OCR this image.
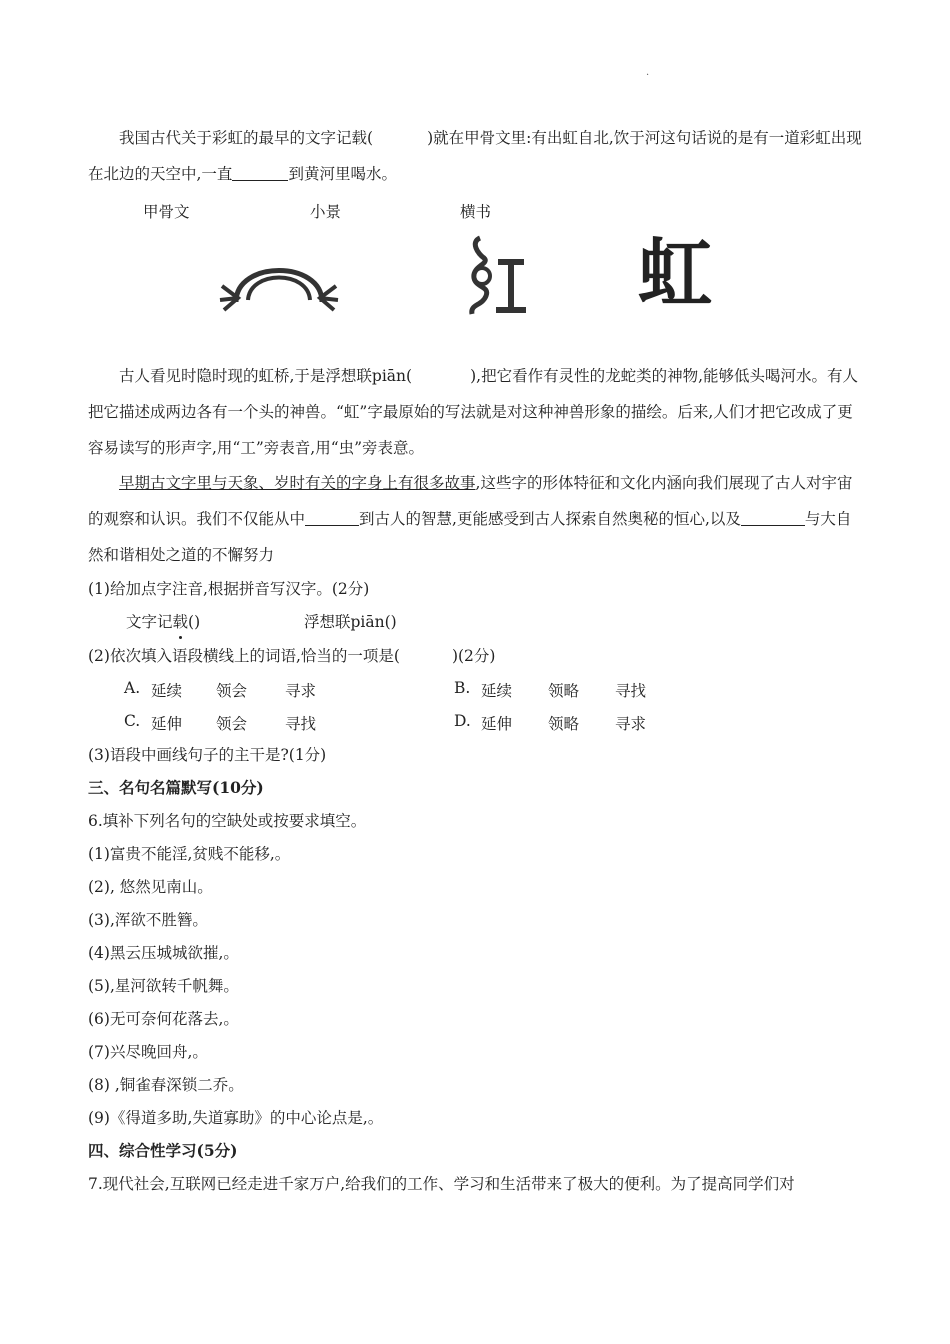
·
我国古代关于彩虹的最早的文字记载(	)就在甲骨文里:有出虹自北,饮于河这句话说的是有一道彩虹出现在北边的天空中,一直	到黄河里喝水。
甲骨文	小景	横书
虹
古人看见时隐时现的虹桥,于是浮想联piān(	),把它看作有灵性的龙蛇类的神物,能够低头喝河水。有人把它描述成两边各有一个头的神兽。“虹”字最原始的写法就是对这种神兽形象的描绘。后来,人们才把它改成了更容易读写的形声字,用“工”旁表音,用“虫”旁表意。
早期古文字里与天象、岁时有关的字身上有很多故事,这些字的形体特征和文化内涵向我们展现了古人对宇宙的观察和认识。我们不仅能从中	到古人的智慧,更能感受到古人探索自然奥秘的恒心,以及	与大自然和谐相处之道的不懈努力
(1)给加点字注音,根据拼音写汉字。(2分)
文字记载()	浮想联piān()
(2)依次填入语段横线上的词语,恰当的一项是(	)(2分)
A. 延续 领会 寻求	B. 延续 领略 寻找
C. 延伸 领会 寻找	D. 延伸 领略 寻求
(3)语段中画线句子的主干是?(1分)
三、名句名篇默写(10分)
6.填补下列名句的空缺处或按要求填空。
(1)富贵不能淫,贫贱不能移,。
(2), 悠然见南山。
(3),浑欲不胜簪。
(4)黑云压城城欲摧,。
(5),星河欲转千帆舞。
(6)无可奈何花落去,。
(7)兴尽晚回舟,。
(8) ,铜雀春深锁二乔。
(9)《得道多助,失道寡助》的中心论点是,。
四、综合性学习(5分)
7.现代社会,互联网已经走进千家万户,给我们的工作、学习和生活带来了极大的便利。为了提高同学们对
